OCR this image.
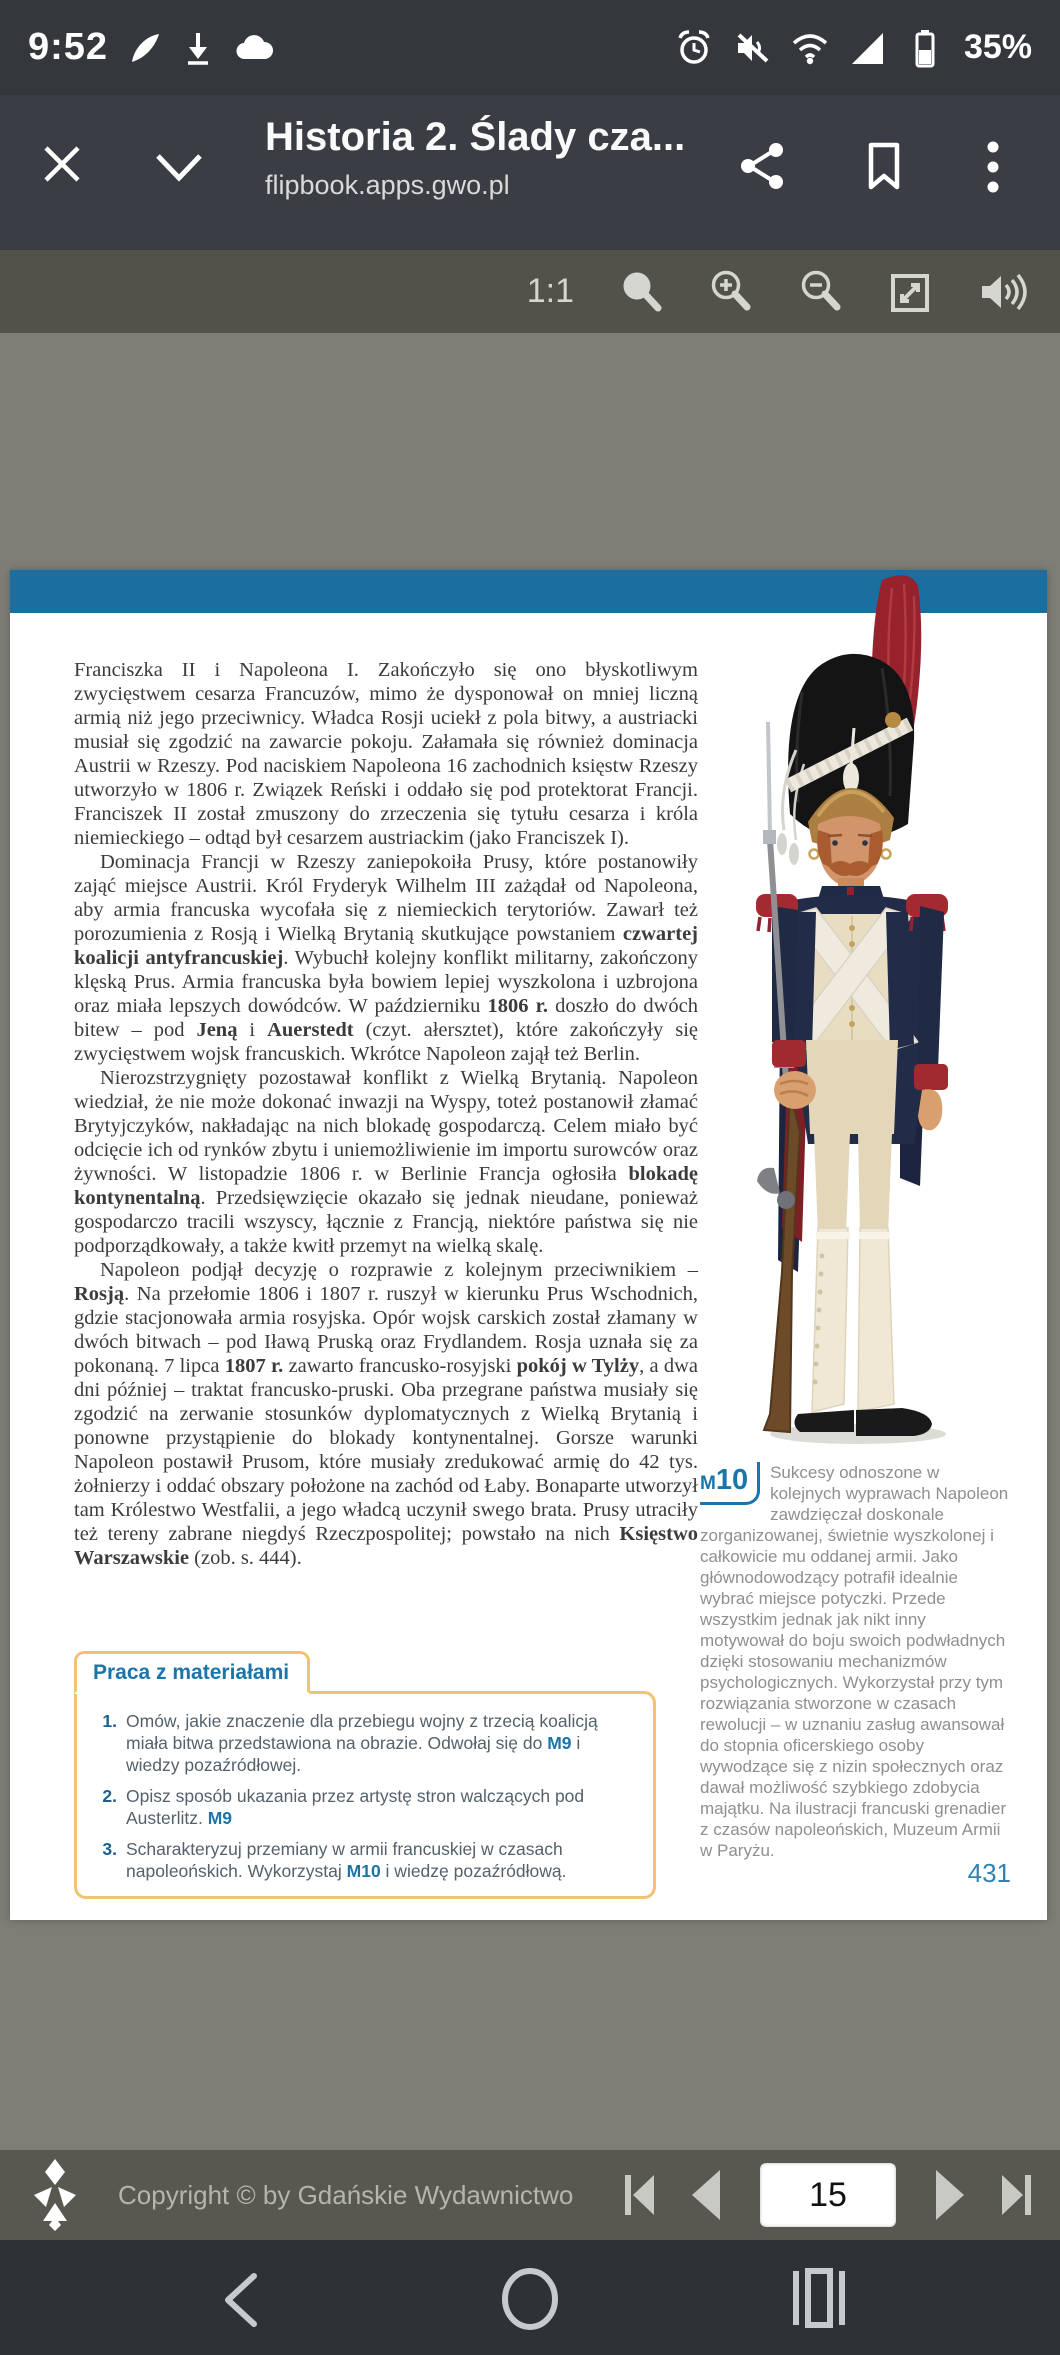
9:52	35%
Historia 2. Ślady cza...
flipbook.apps.gwo.pl
1:1

Franciszka II i Napoleona I. Zakończyło się ono błyskotliwym zwycięstwem cesarza Francuzów, mimo że dysponował on mniej liczną armią niż jego przeciwnicy. Władca Rosji uciekł z pola bitwy, a austriacki musiał się zgodzić na zawarcie pokoju. Załamała się również dominacja Austrii w Rzeszy. Pod naciskiem Napoleona 16 zachodnich księstw Rzeszy utworzyło w 1806 r. Związek Reński i oddało się pod protektorat Francji. Franciszek II został zmuszony do zrzeczenia się tytułu cesarza i króla niemieckiego – odtąd był cesarzem austriackim (jako Franciszek I).

Dominacja Francji w Rzeszy zaniepokoiła Prusy, które postanowiły zająć miejsce Austrii. Król Fryderyk Wilhelm III zażądał od Napoleona, aby armia francuska wycofała się z niemieckich terytoriów. Zawarł też porozumienia z Rosją i Wielką Brytanią skutkujące powstaniem czwartej koalicji antyfrancuskiej. Wybuchł kolejny konflikt militarny, zakończony klęską Prus. Armia francuska była bowiem lepiej wyszkolona i uzbrojona oraz miała lepszych dowódców. W październiku 1806 r. doszło do dwóch bitew – pod Jeną i Auerstedt (czyt. ałersztet), które zakończyły się zwycięstwem wojsk francuskich. Wkrótce Napoleon zajął też Berlin.

Nierozstrzygnięty pozostawał konflikt z Wielką Brytanią. Napoleon wiedział, że nie może dokonać inwazji na Wyspy, toteż postanowił złamać Brytyjczyków, nakładając na nich blokadę gospodarczą. Celem miało być odcięcie ich od rynków zbytu i uniemożliwienie im importu surowców oraz żywności. W listopadzie 1806 r. w Berlinie Francja ogłosiła blokadę kontynentalną. Przedsięwzięcie okazało się jednak nieudane, ponieważ gospodarczo tracili wszyscy, łącznie z Francją, niektóre państwa się nie podporządkowały, a także kwitł przemyt na wielką skalę.

Napoleon podjął decyzję o rozprawie z kolejnym przeciwnikiem – Rosją. Na przełomie 1806 i 1807 r. ruszył w kierunku Prus Wschodnich, gdzie stacjonowała armia rosyjska. Opór wojsk carskich został złamany w dwóch bitwach – pod Iławą Pruską oraz Frydlandem. Rosja uznała się za pokonaną. 7 lipca 1807 r. zawarto francusko-rosyjski pokój w Tylży, a dwa dni później – traktat francusko-pruski. Oba przegrane państwa musiały się zgodzić na zerwanie stosunków dyplomatycznych z Wielką Brytanią i ponowne przystąpienie do blokady kontynentalnej. Gorsze warunki Napoleon postawił Prusom, które musiały zredukować armię do 42 tys. żołnierzy i oddać obszary położone na zachód od Łaby. Bonaparte utworzył tam Królestwo Westfalii, a jego władcą uczynił swego brata. Prusy utraciły też tereny zabrane niegdyś Rzeczpospolitej; powstało na nich Księstwo Warszawskie (zob. s. 444).

Praca z materiałami
1. Omów, jakie znaczenie dla przebiegu wojny z trzecią koalicją miała bitwa przedstawiona na obrazie. Odwołaj się do M9 i wiedzy pozaźródłowej.
2. Opisz sposób ukazania przez artystę stron walczących pod Austerlitz. M9
3. Scharakteryzuj przemiany w armii francuskiej w czasach napoleońskich. Wykorzystaj M10 i wiedzę pozaźródłową.
M10	Sukcesy odnoszone w kolejnych wyprawach Napoleon zawdzięczał doskonale zorganizowanej, świetnie wyszkolonej i całkowicie mu oddanej armii. Jako głównodowodzący potrafił idealnie wybrać miejsce potyczki. Przede wszystkim jednak jak nikt inny motywował do boju swoich podwładnych dzięki stosowaniu mechanizmów psychologicznych. Wykorzystał przy tym rozwiązania stworzone w czasach rewolucji – w uznaniu zasług awansował do stopnia oficerskiego osoby wywodzące się z nizin społecznych oraz dawał możliwość szybkiego zdobycia majątku. Na ilustracji francuski grenadier z czasów napoleońskich, Muzeum Armii w Paryżu.
431
Copyright © by Gdańskie Wydawnictwo
15
